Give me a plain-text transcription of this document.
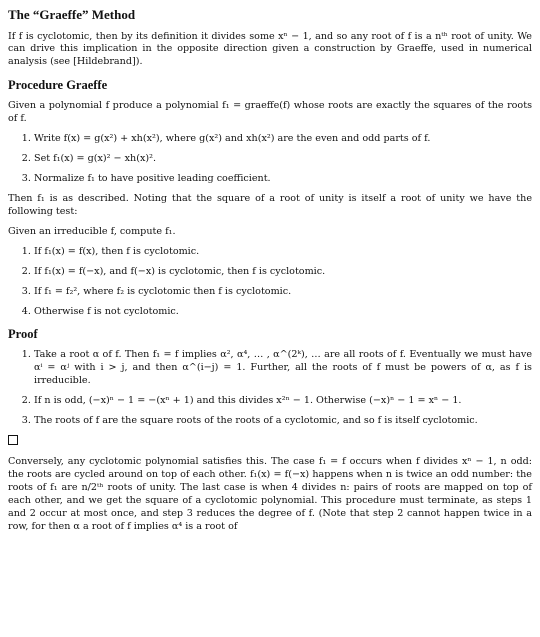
The “Graeffe” Method

If f is cyclotomic, then by its definition it divides some xⁿ − 1, and so any root of f is a nᵗʰ root of unity. We can drive this implication in the opposite direction given a construction by Graeffe, used in numerical analysis (see [Hildebrand]).

Procedure Graeffe

Given a polynomial f produce a polynomial f₁ = graeffe(f) whose roots are exactly the squares of the roots of f.

1. Write f(x) = g(x²) + xh(x²), where g(x²) and xh(x²) are the even and odd parts of f.
2. Set f₁(x) = g(x)² − xh(x)².
3. Normalize f₁ to have positive leading coefficient.

Then f₁ is as described. Noting that the square of a root of unity is itself a root of unity we have the following test:

Given an irreducible f, compute f₁.

1. If f₁(x) = f(x), then f is cyclotomic.
2. If f₁(x) = f(−x), and f(−x) is cyclotomic, then f is cyclotomic.
3. If f₁ = f₂², where f₂ is cyclotomic then f is cyclotomic.
4. Otherwise f is not cyclotomic.
Proof
1. Take a root α of f. Then f₁ = f implies α², α⁴, … , α^(2ᵏ), … are all roots of f. Eventually we must have αⁱ = αʲ with i > j, and then α^(i−j) = 1. Further, all the roots of f must be powers of α, as f is irreducible.
2. If n is odd, (−x)ⁿ − 1 = −(xⁿ + 1) and this divides x²ⁿ − 1. Otherwise (−x)ⁿ − 1 = xⁿ − 1.
3. The roots of f are the square roots of the roots of a cyclotomic, and so f is itself cyclotomic.

Conversely, any cyclotomic polynomial satisfies this. The case f₁ = f occurs when f divides xⁿ − 1, n odd: the roots are cycled around on top of each other. f₁(x) = f(−x) happens when n is twice an odd number: the roots of f₁ are n/2ᵗʰ roots of unity. The last case is when 4 divides n: pairs of roots are mapped on top of each other, and we get the square of a cyclotomic polynomial. This procedure must terminate, as steps 1 and 2 occur at most once, and step 3 reduces the degree of f. (Note that step 2 cannot happen twice in a row, for then α a root of f implies α⁴ is a root of
